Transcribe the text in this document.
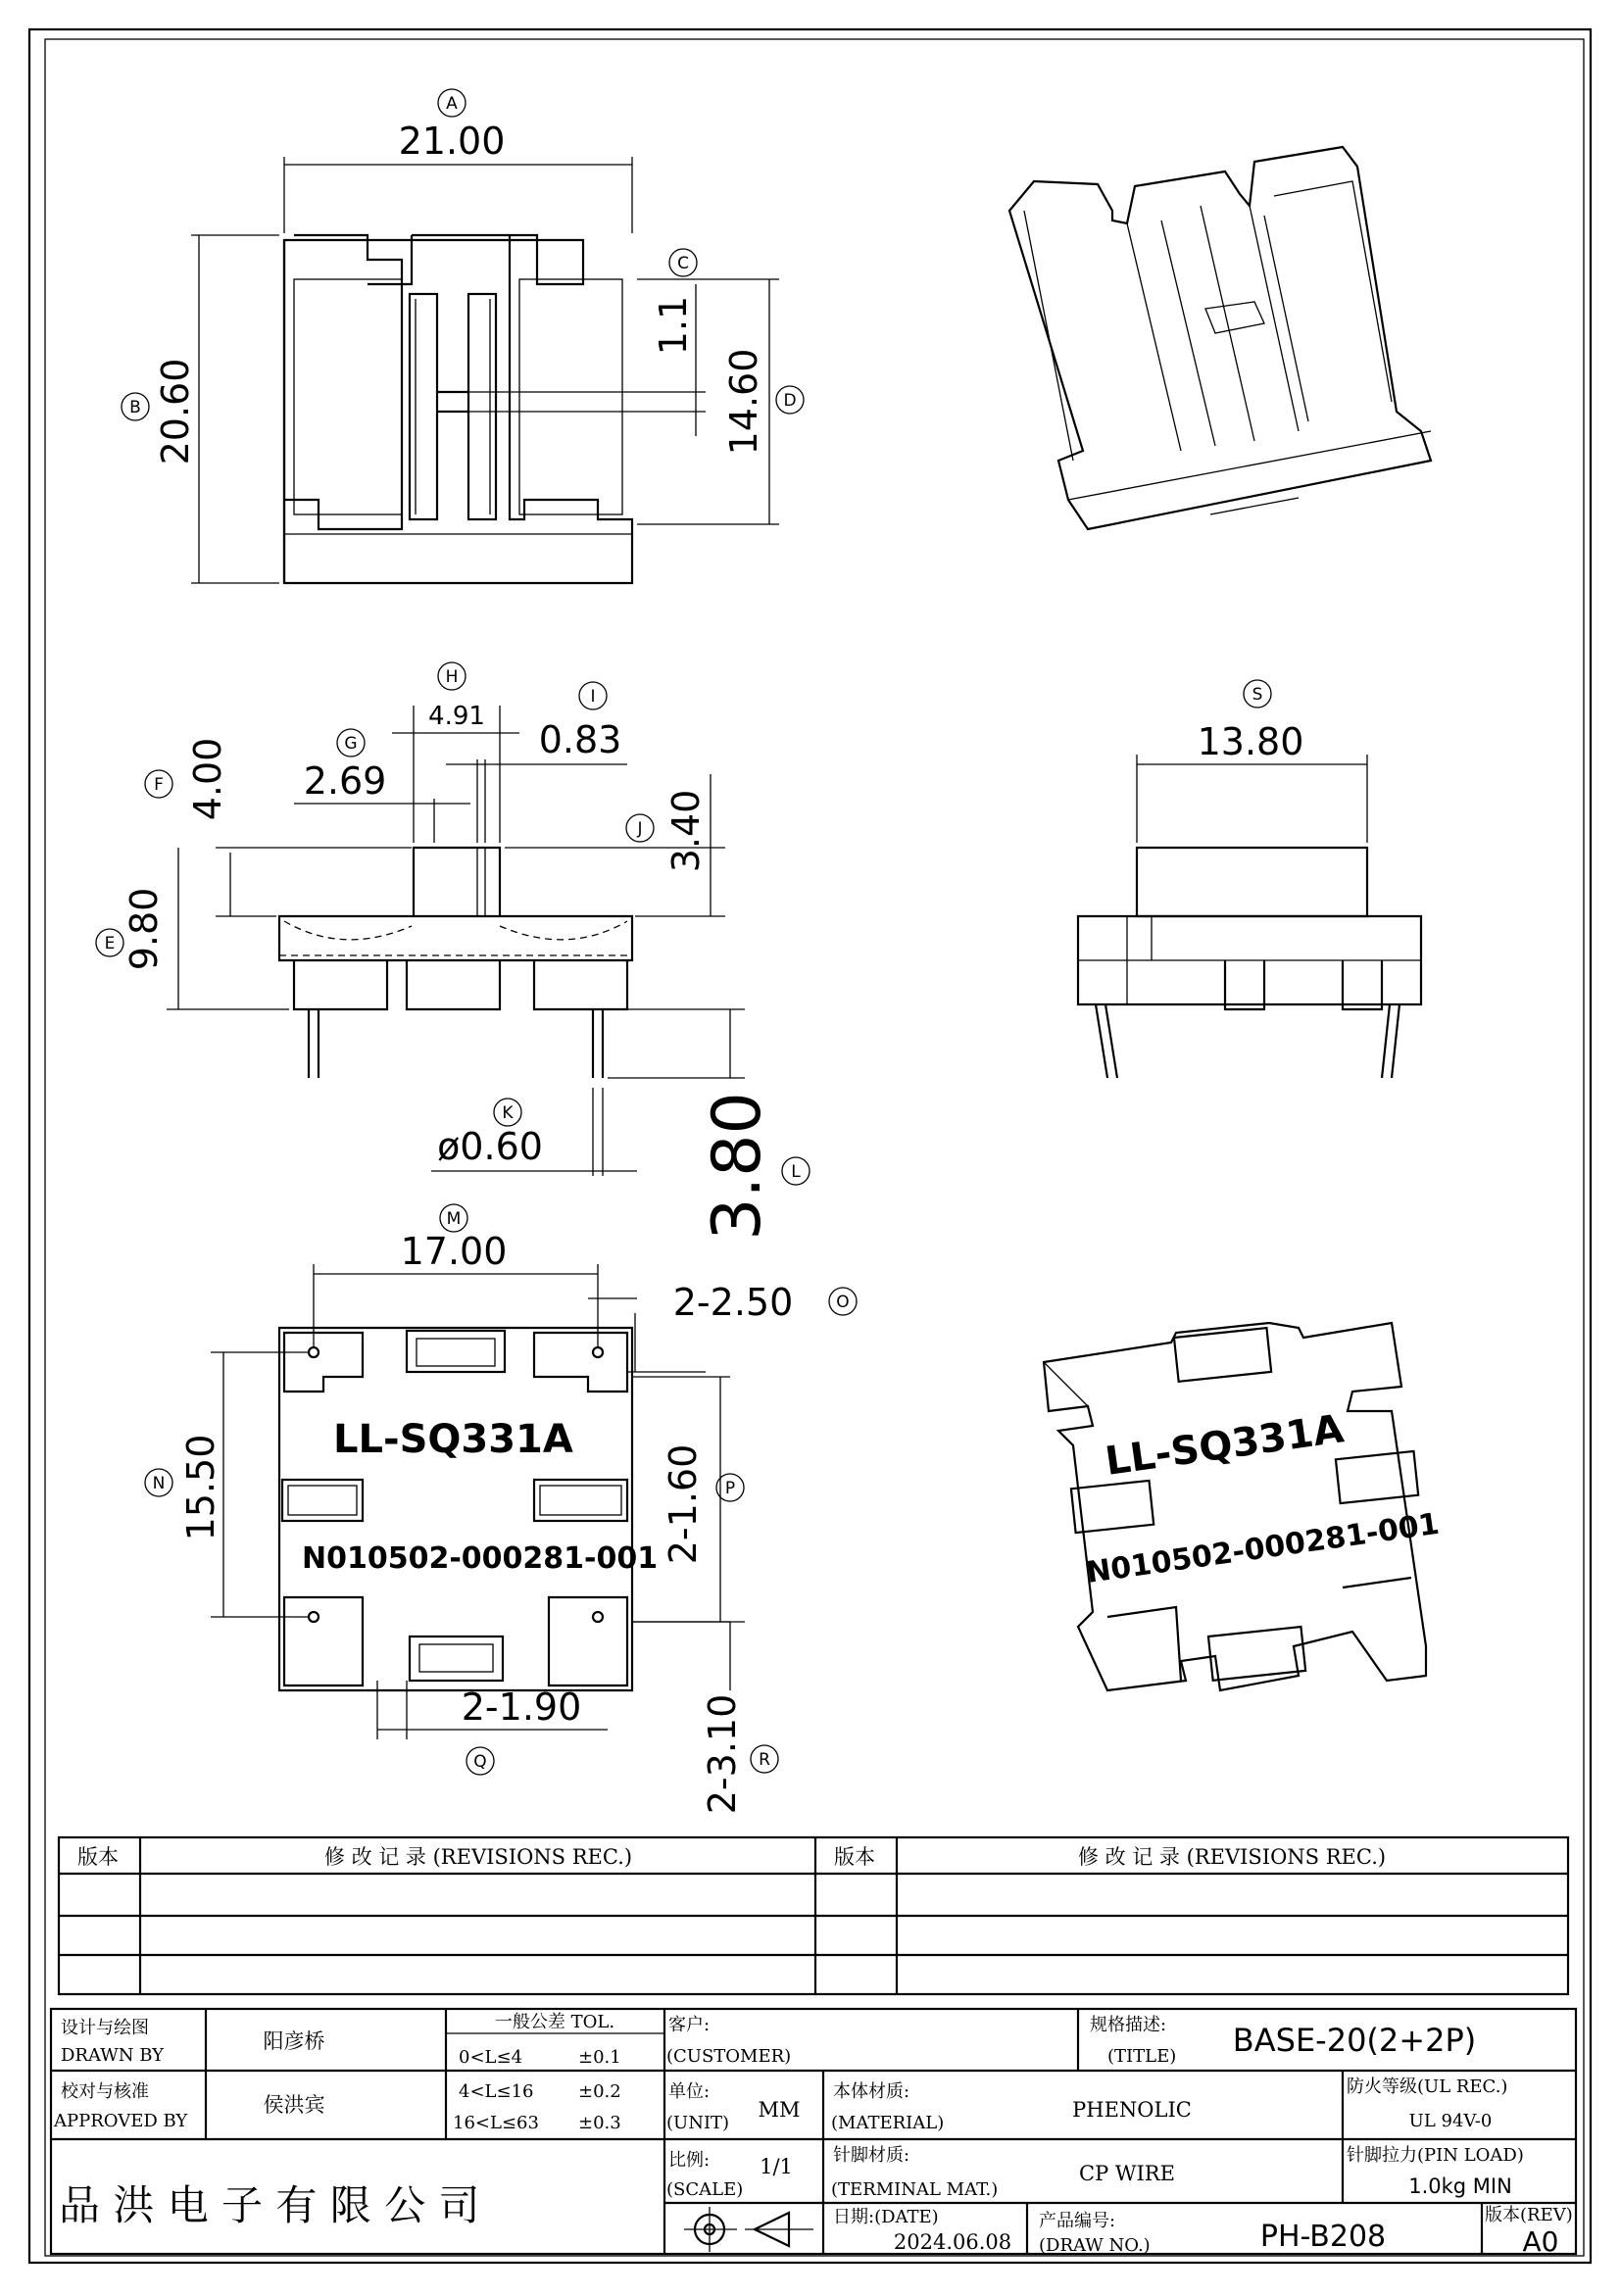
A
21.00
B 20.60
C
1.1
D
14.60
H
4.91
I
0.83
G
2.69
F 4.00
E 9.80
J 3.40
K
ø0.60
L
3.80
S
13.80
LL-SQ331A
N010502-000281-001
M
17.00
O
2-2.50
N 15.50	P
2-1.60
Q
2-1.90
R
2-3.10
LL-SQ331A
N010502-000281-001
版本	修 改 记 录 (REVISIONS REC.)	版本	修 改 记 录 (REVISIONS REC.)
设计与绘图
DRAWN BY
阳彦桥
校对与核准
APPROVED BY
侯洪宾
一般公差 TOL.
0<L≤4	±0.1
4<L≤16	±0.2
16<L≤63 ±0.3
客户:
(CUSTOMER)
规格描述:
(TITLE) BASE-20(2+2P)
单位:
(UNIT)
MM
本体材质:
(MATERIAL)
PHENOLIC
防火等级(UL REC.)
UL 94V-0
比例:
(SCALE)
1/1 针脚材质:
(TERMINAL MAT.)
CP WIRE
针脚拉力(PIN LOAD)
1.0kg MIN
日期:(DATE)
2024.06.08
产品编号:
(DRAW NO.)	PH-B208
版本(REV)
A0
品 洪 电 子 有 限 公 司
